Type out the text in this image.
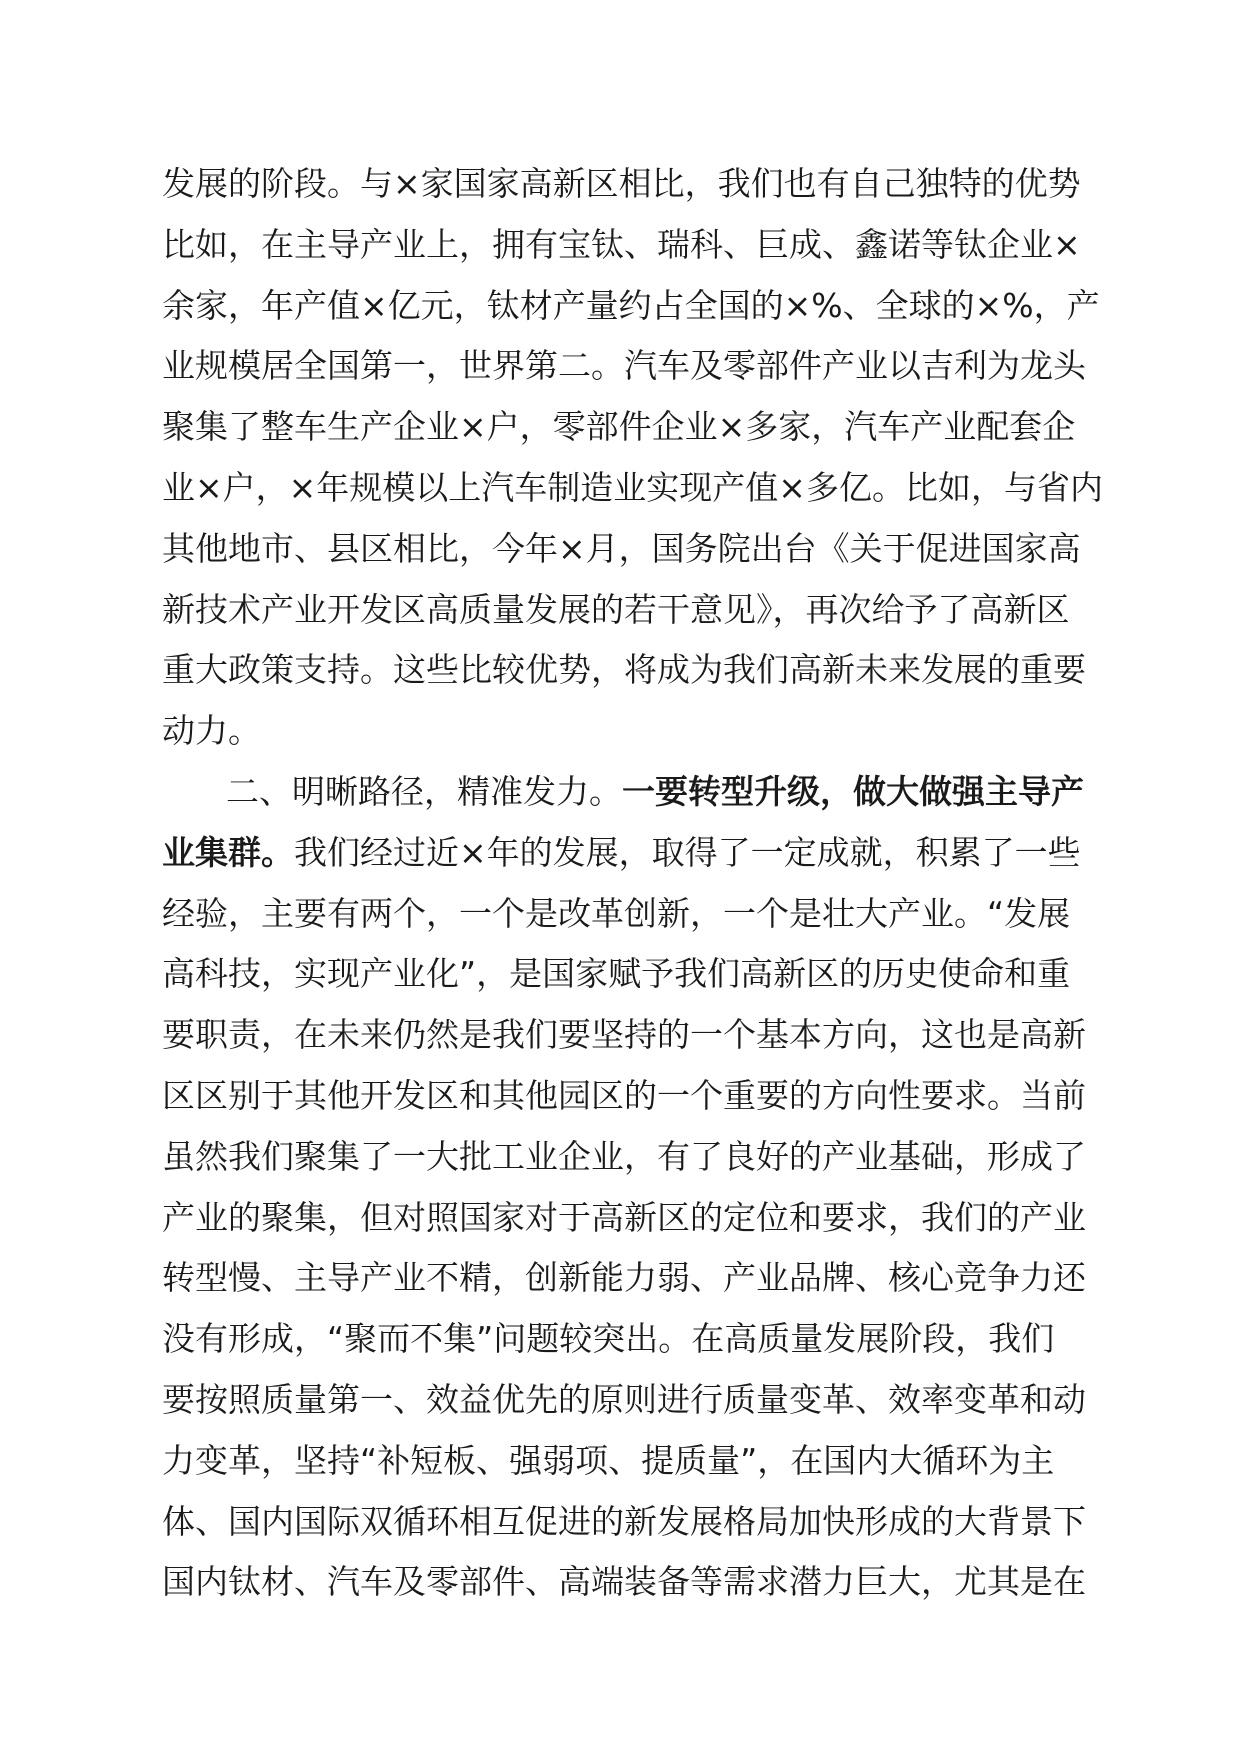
发展的阶段。与×家国家高新区相比，我们也有自己独特的优势
比如，在主导产业上，拥有宝钛、瑞科、巨成、鑫诺等钛企业×
余家，年产值×亿元，钛材产量约占全国的×%、全球的×%，产
业规模居全国第一，世界第二。汽车及零部件产业以吉利为龙头
聚集了整车生产企业×户，零部件企业×多家，汽车产业配套企
业×户，×年规模以上汽车制造业实现产值×多亿。比如，与省内
其他地市、县区相比，今年×月，国务院出台《关于促进国家高
新技术产业开发区高质量发展的若干意见》，再次给予了高新区
重大政策支持。这些比较优势，将成为我们高新未来发展的重要
动力。
二、明晰路径，精准发力。一要转型升级，做大做强主导产
业集群。我们经过近×年的发展，取得了一定成就，积累了一些
经验，主要有两个，一个是改革创新，一个是壮大产业。“发展
高科技，实现产业化”，是国家赋予我们高新区的历史使命和重
要职责，在未来仍然是我们要坚持的一个基本方向，这也是高新
区区别于其他开发区和其他园区的一个重要的方向性要求。当前
虽然我们聚集了一大批工业企业，有了良好的产业基础，形成了
产业的聚集，但对照国家对于高新区的定位和要求，我们的产业
转型慢、主导产业不精，创新能力弱、产业品牌、核心竞争力还
没有形成，“聚而不集”问题较突出。在高质量发展阶段，我们
要按照质量第一、效益优先的原则进行质量变革、效率变革和动
力变革，坚持“补短板、强弱项、提质量”，在国内大循环为主
体、国内国际双循环相互促进的新发展格局加快形成的大背景下
国内钛材、汽车及零部件、高端装备等需求潜力巨大，尤其是在
